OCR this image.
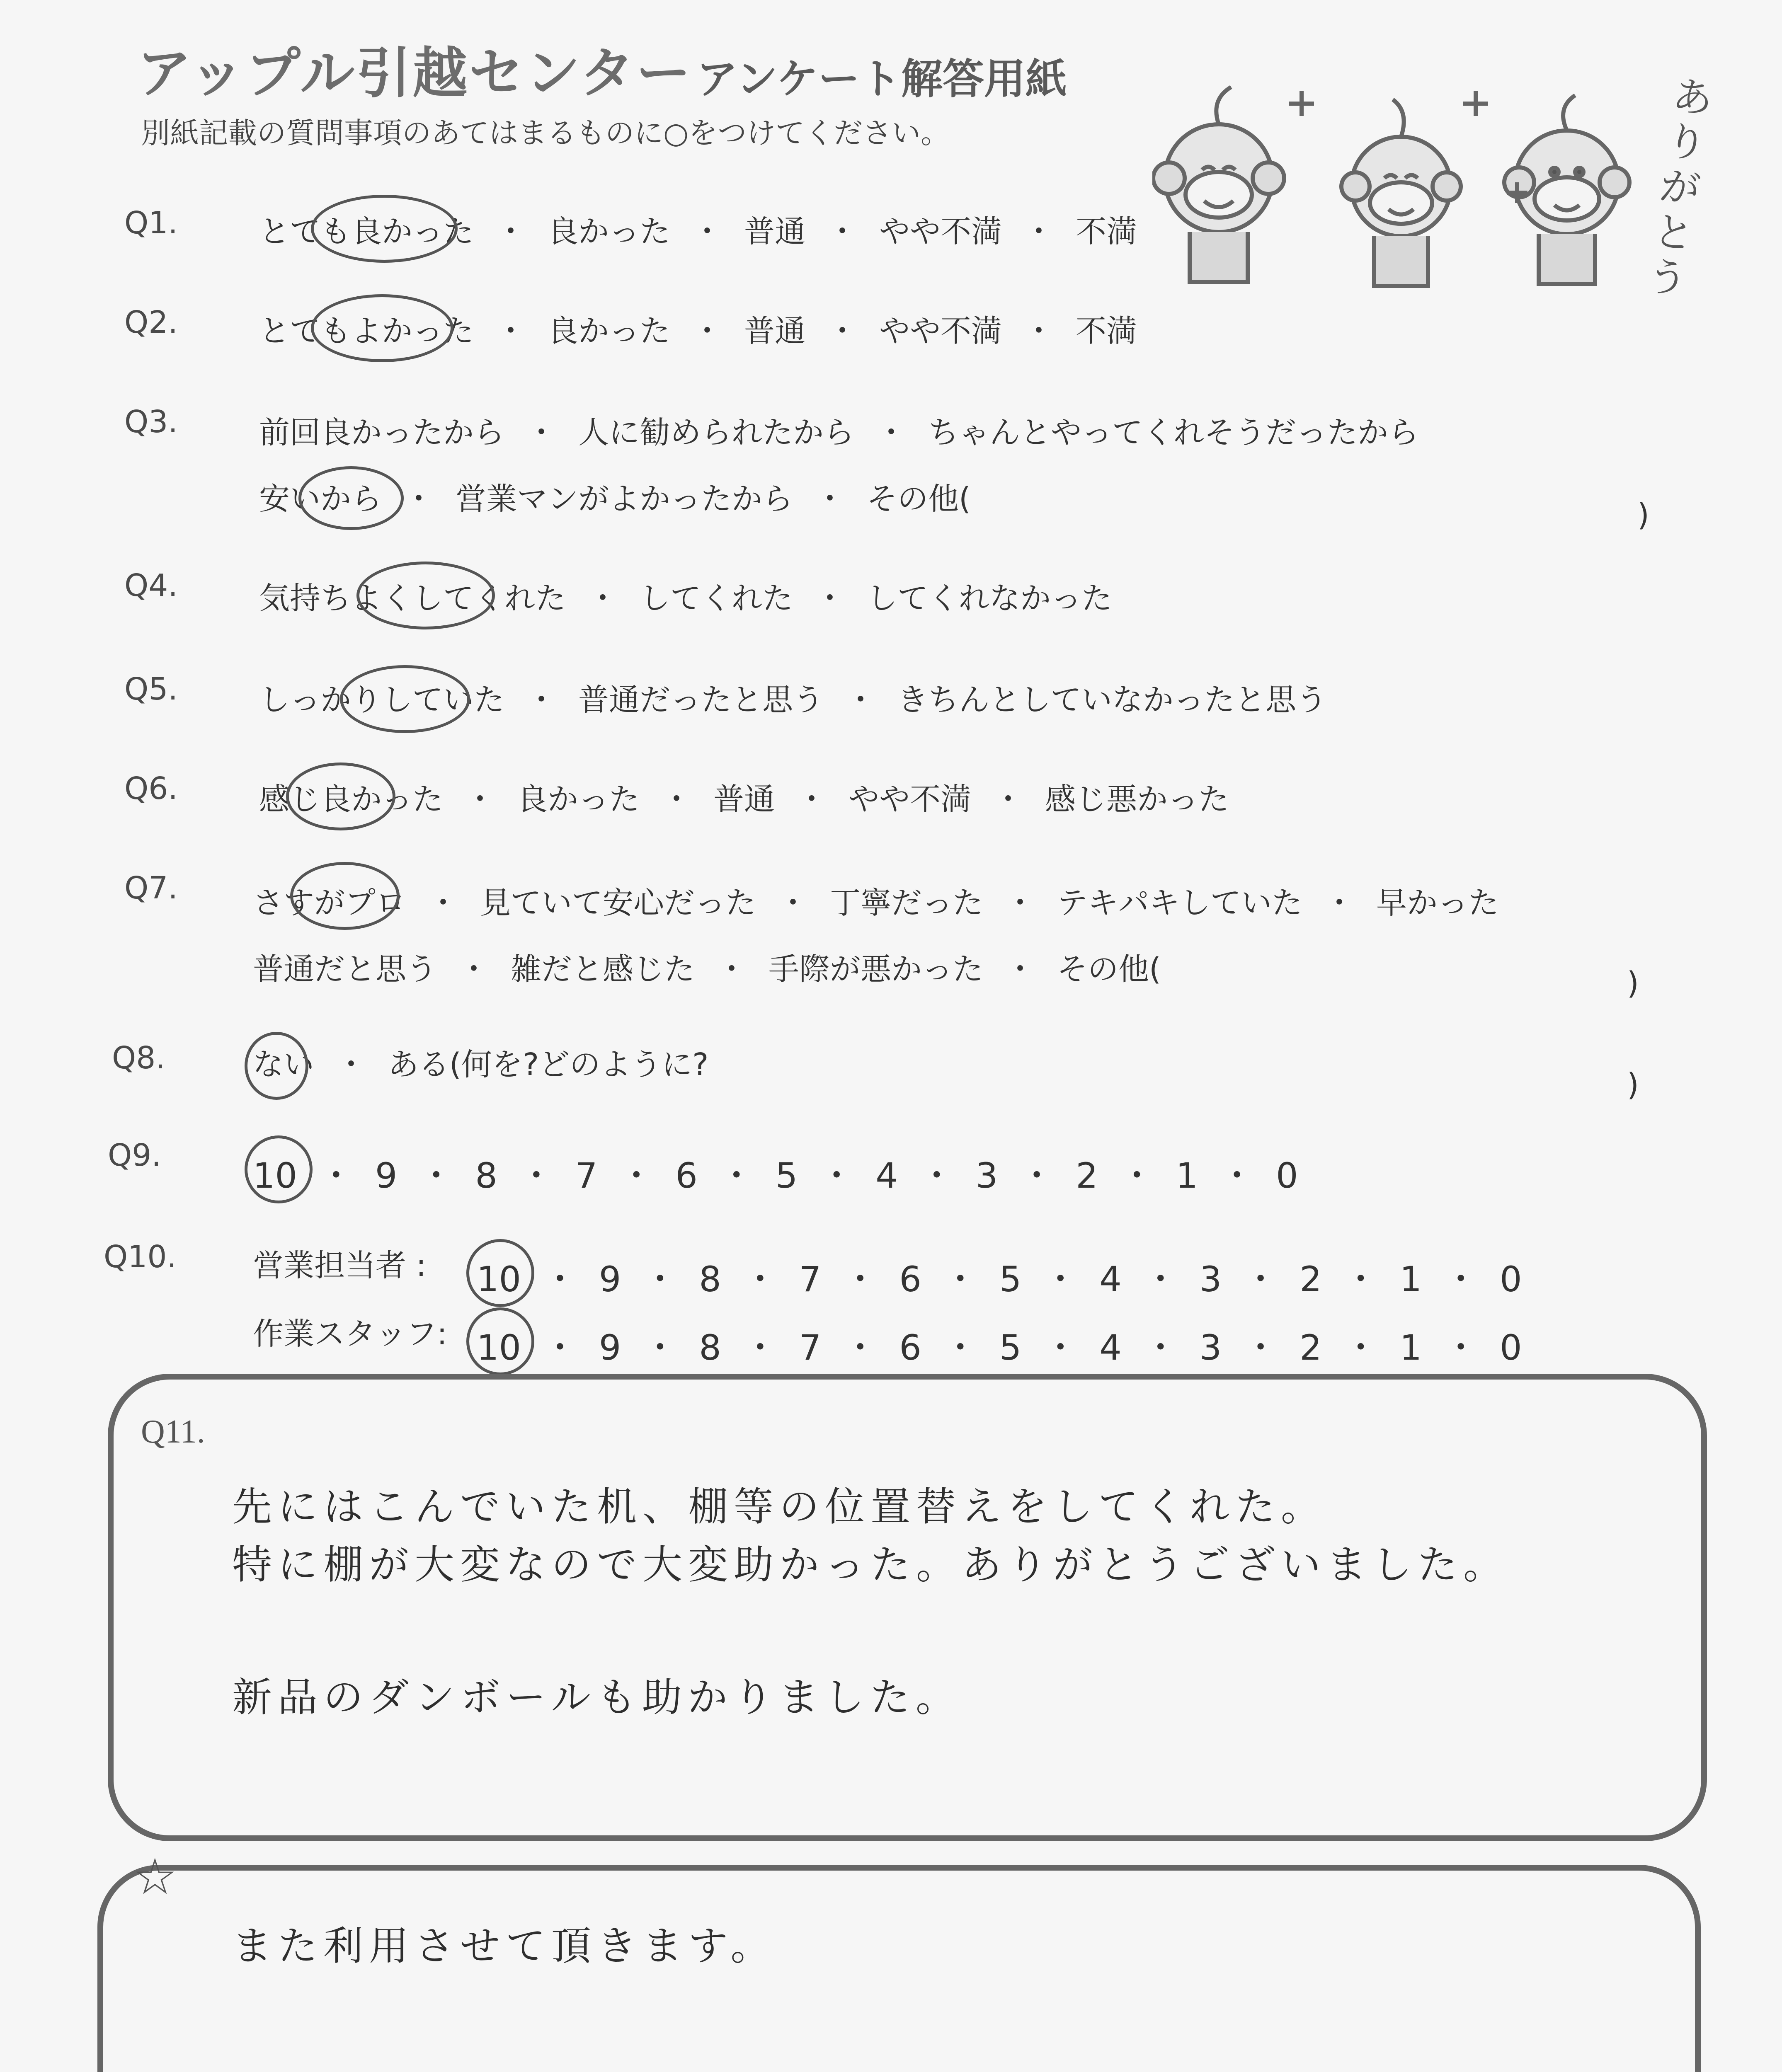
アップル引越センター アンケート解答用紙
別紙記載の質問事項のあてはまるものに○をつけてください。
ありがとう
Q1.	とても良かった ・ 良かった ・ 普通 ・ やや不満 ・ 不満
Q2.	とてもよかった ・ 良かった ・ 普通 ・ やや不満 ・ 不満
Q3.	前回良かったから ・ 人に勧められたから ・ ちゃんとやってくれそうだったから
安いから ・ 営業マンがよかったから ・ その他(	)
Q4.	気持ちよくしてくれた ・ してくれた ・ してくれなかった
Q5.	しっかりしていた ・ 普通だったと思う ・ きちんとしていなかったと思う
Q6.	感じ良かった ・ 良かった ・ 普通 ・ やや不満 ・ 感じ悪かった
Q7. さすがプロ ・ 見ていて安心だった ・ 丁寧だった ・ テキパキしていた ・ 早かった
普通だと思う ・ 雑だと感じた ・ 手際が悪かった ・ その他(	)
Q8.	ない ・ ある(何を?どのように?
)
Q9.	10 ・ 9 ・ 8 ・ 7 ・ 6 ・ 5 ・ 4 ・ 3 ・ 2 ・ 1 ・ 0
Q10. 営業担当者 : 10 ・ 9 ・ 8 ・ 7 ・ 6 ・ 5 ・ 4 ・ 3 ・ 2 ・ 1 ・ 0
作業スタッフ: 10 ・ 9 ・ 8 ・ 7 ・ 6 ・ 5 ・ 4 ・ 3 ・ 2 ・ 1 ・ 0
Q11.
先にはこんでいた机、棚等の位置替えをしてくれた。
特に棚が大変なので大変助かった。ありがとうございました。
新品のダンボールも助かりました。
☆
また利用させて頂きます。
